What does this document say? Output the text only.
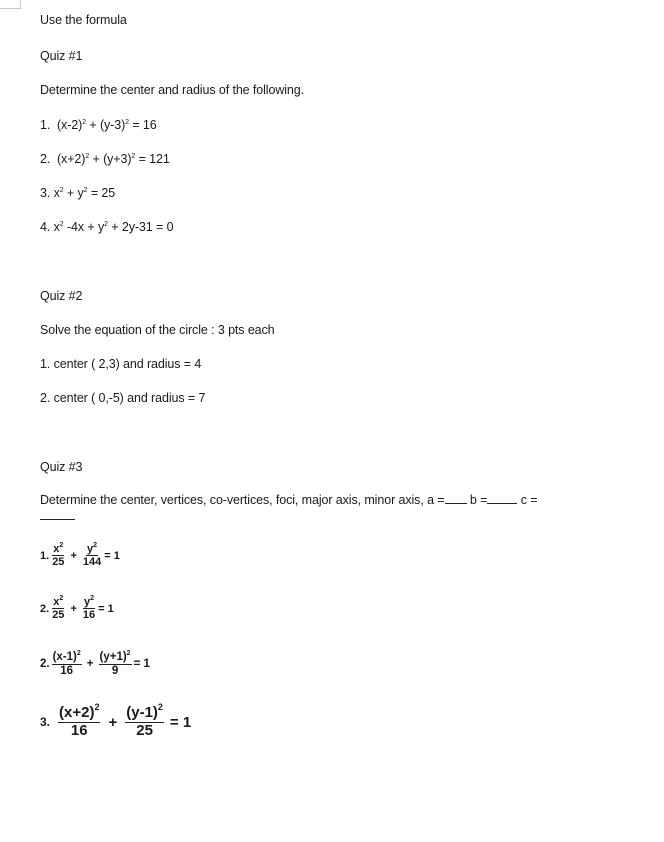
Use the formula
Quiz #1
Determine the center and radius of the following.
1. $(x-2)^2 + (y-3)^2 = 16$
2. $(x+2)^2 + (y+3)^2 = 121$
3. $x^2 + y^2 = 25$
4. $x^2$ $-4x + y^2 + 2y-31 = 0$
Quiz #2
Solve the equation of the circle : 3 pts each
1. center ( 2,3) and radius = 4
2. center ( 0,-5) and radius = 7
Quiz #3
Determine the center, vertices, co-vertices, foci, major axis, minor axis, a = b =	c =
1. $\frac{x^2}{25} + \frac{y^2}{144} = 1$
2. $\frac{x^2}{25} + \frac{y^2}{16} = 1$
2. $\frac{(x-1)^2}{16} + \frac{(y+1)^2}{9} = 1$
3. $\frac{(x+2)^2}{16} + \frac{(y-1)^2}{25} = 1$
